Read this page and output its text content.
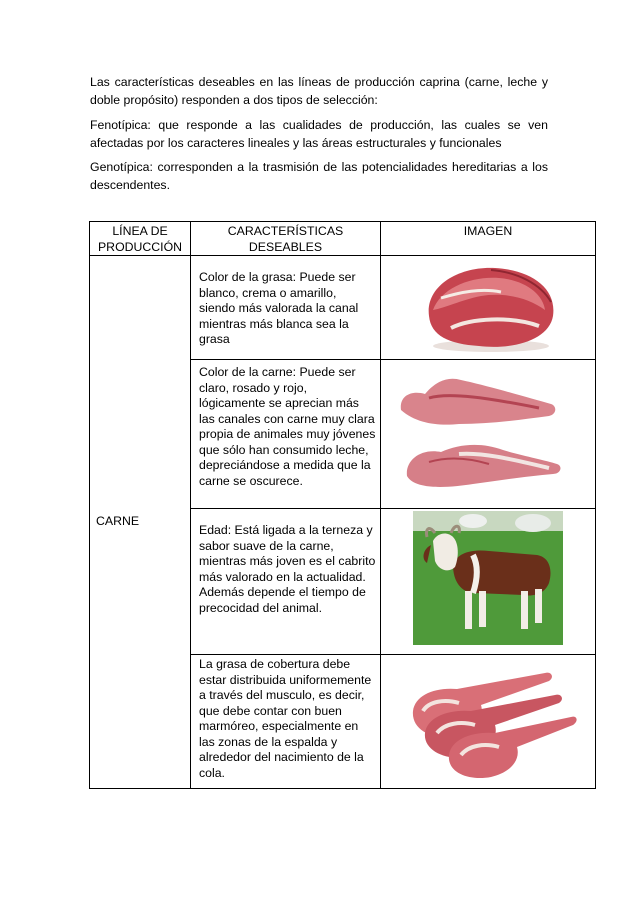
Las características deseables en las líneas de producción caprina (carne, leche y doble propósito) responden a dos tipos de selección:

Fenotípica: que responde a las cualidades de producción, las cuales se ven afectadas por los caracteres lineales y las áreas estructurales y funcionales

Genotípica: corresponden a la trasmisión de las potencialidades hereditarias a los descendentes.

LÍNEA DE PRODUCCIÓN	CARACTERÍSTICAS DESEABLES	IMAGEN
CARNE	Color de la grasa: Puede ser blanco, crema o amarillo, siendo más valorada la canal mientras más blanca sea la grasa	

	Color de la carne: Puede ser claro, rosado y rojo, lógicamente se aprecian más las canales con carne muy clara propia de animales muy jóvenes que sólo han consumido leche, depreciándose a medida que la carne se oscurece.	

	Edad: Está ligada a la terneza y sabor suave de la carne, mientras más joven es el cabrito más valorado en la actualidad. Además depende el tiempo de precocidad del animal.	

	La grasa de cobertura debe estar distribuida uniformemente a través del musculo, es decir, que debe contar con buen marmóreo, especialmente en las zonas de la espalda y alrededor del nacimiento de la cola.	
